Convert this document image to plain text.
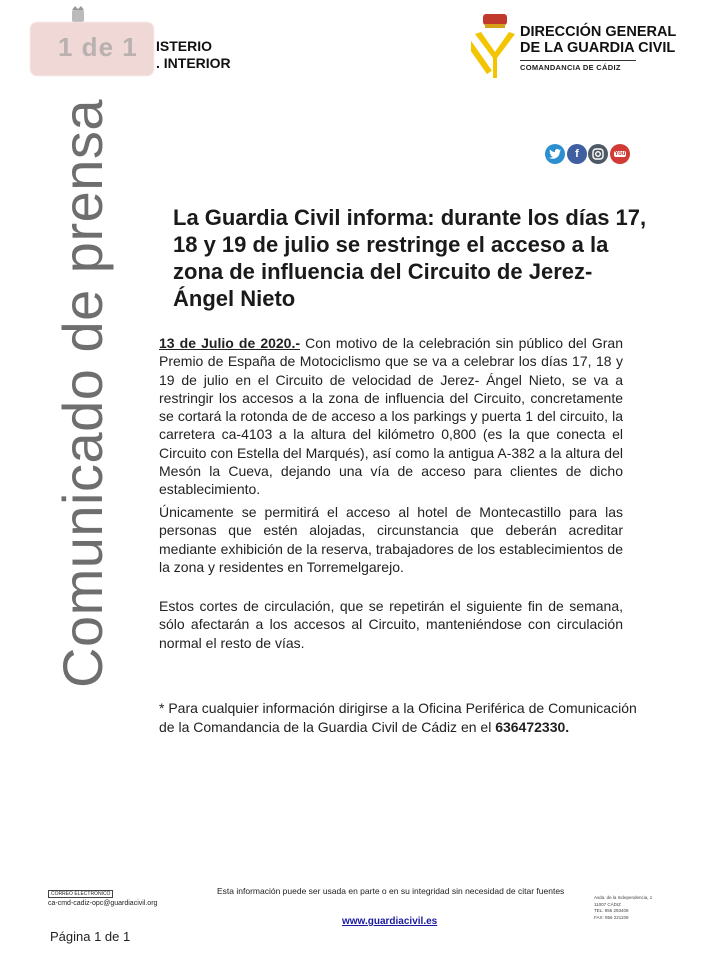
ISTERIO
. INTERIOR
1 de 1	DIRECCIÓN GENERAL
DE LA GUARDIA CIVIL
COMANDANCIA DE CÁDIZ
f	You
Comunicado de prensa	La Guardia Civil informa: durante los días 17, 18 y 19 de julio se restringe el acceso a la zona de influencia del Circuito de Jerez-Ángel Nieto
13 de Julio de 2020.- Con motivo de la celebración sin público del Gran Premio de España de Motociclismo que se va a celebrar los días 17, 18 y 19 de julio en el Circuito de velocidad de Jerez- Ángel Nieto, se va a restringir los accesos a la zona de influencia del Circuito, concretamente se cortará la rotonda de de acceso a los parkings y puerta 1 del circuito, la carretera ca-4103 a la altura del kilómetro 0,800 (es la que conecta el Circuito con Estella del Marqués), así como la antigua A-382 a la altura del Mesón la Cueva, dejando una vía de acceso para clientes de dicho establecimiento.
Únicamente se permitirá el acceso al hotel de Montecastillo para las personas que estén alojadas, circunstancia que deberán acreditar mediante exhibición de la reserva, trabajadores de los establecimientos de la zona y residentes en Torremelgarejo.
Estos cortes de circulación, que se repetirán el siguiente fin de semana, sólo afectarán a los accesos al Circuito, manteniéndose con circulación normal el resto de vías.
* Para cualquier información dirigirse a la Oficina Periférica de Comunicación de la Comandancia de la Guardia Civil de Cádiz en el 636472330.
CORREO ELECTRÓNICO
ca-cmd-cadiz-opc@guardiacivil.org
Esta información puede ser usada en parte o en su integridad sin necesidad de citar fuentes
www.guardiacivil.es
Avda. de la Independencia, 1
11007 CÁDIZ
TEL: 956 293408
FAX: 956 221109
Página 1 de 1
